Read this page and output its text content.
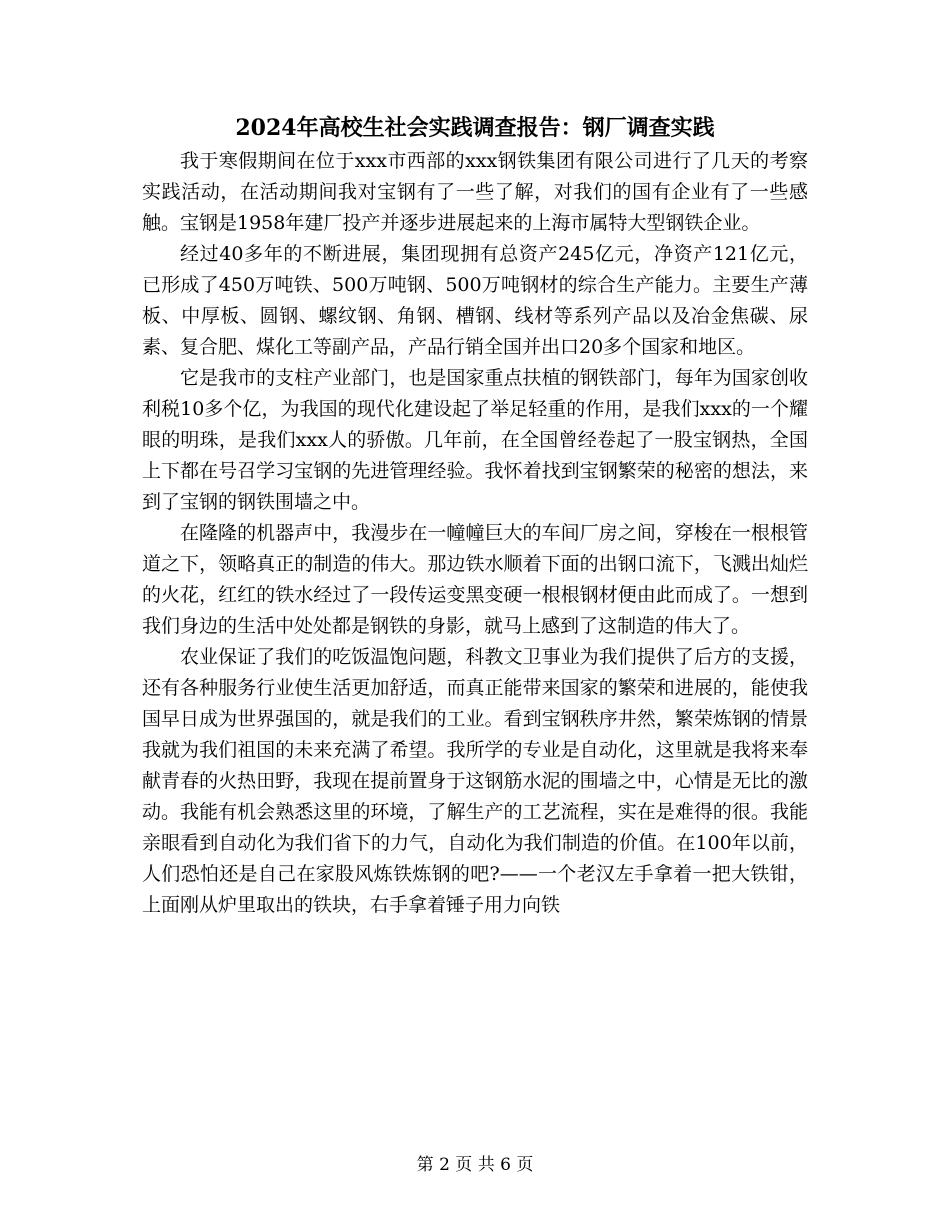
2024年高校生社会实践调查报告：钢厂调查实践

我于寒假期间在位于xxx市西部的xxx钢铁集团有限公司进行了几天的考察实践活动，在活动期间我对宝钢有了一些了解，对我们的国有企业有了一些感触。宝钢是1958年建厂投产并逐步进展起来的上海市属特大型钢铁企业。

经过40多年的不断进展，集团现拥有总资产245亿元，净资产121亿元，已形成了450万吨铁、500万吨钢、500万吨钢材的综合生产能力。主要生产薄板、中厚板、圆钢、螺纹钢、角钢、槽钢、线材等系列产品以及冶金焦碳、尿素、复合肥、煤化工等副产品，产品行销全国并出口20多个国家和地区。

它是我市的支柱产业部门，也是国家重点扶植的钢铁部门，每年为国家创收利税10多个亿，为我国的现代化建设起了举足轻重的作用，是我们xxx的一个耀眼的明珠，是我们xxx人的骄傲。几年前，在全国曾经卷起了一股宝钢热，全国上下都在号召学习宝钢的先进管理经验。我怀着找到宝钢繁荣的秘密的想法，来到了宝钢的钢铁围墙之中。

在隆隆的机器声中，我漫步在一幢幢巨大的车间厂房之间，穿梭在一根根管道之下，领略真正的制造的伟大。那边铁水顺着下面的出钢口流下，飞溅出灿烂的火花，红红的铁水经过了一段传运变黑变硬一根根钢材便由此而成了。一想到我们身边的生活中处处都是钢铁的身影，就马上感到了这制造的伟大了。

农业保证了我们的吃饭温饱问题，科教文卫事业为我们提供了后方的支援，还有各种服务行业使生活更加舒适，而真正能带来国家的繁荣和进展的，能使我国早日成为世界强国的，就是我们的工业。看到宝钢秩序井然，繁荣炼钢的情景我就为我们祖国的未来充满了希望。我所学的专业是自动化，这里就是我将来奉献青春的火热田野，我现在提前置身于这钢筋水泥的围墙之中，心情是无比的激动。我能有机会熟悉这里的环境，了解生产的工艺流程，实在是难得的很。我能亲眼看到自动化为我们省下的力气，自动化为我们制造的价值。在100年以前，人们恐怕还是自己在家股风炼铁炼钢的吧?——一个老汉左手拿着一把大铁钳，上面刚从炉里取出的铁块，右手拿着锤子用力向铁

第 2 页 共 6 页
